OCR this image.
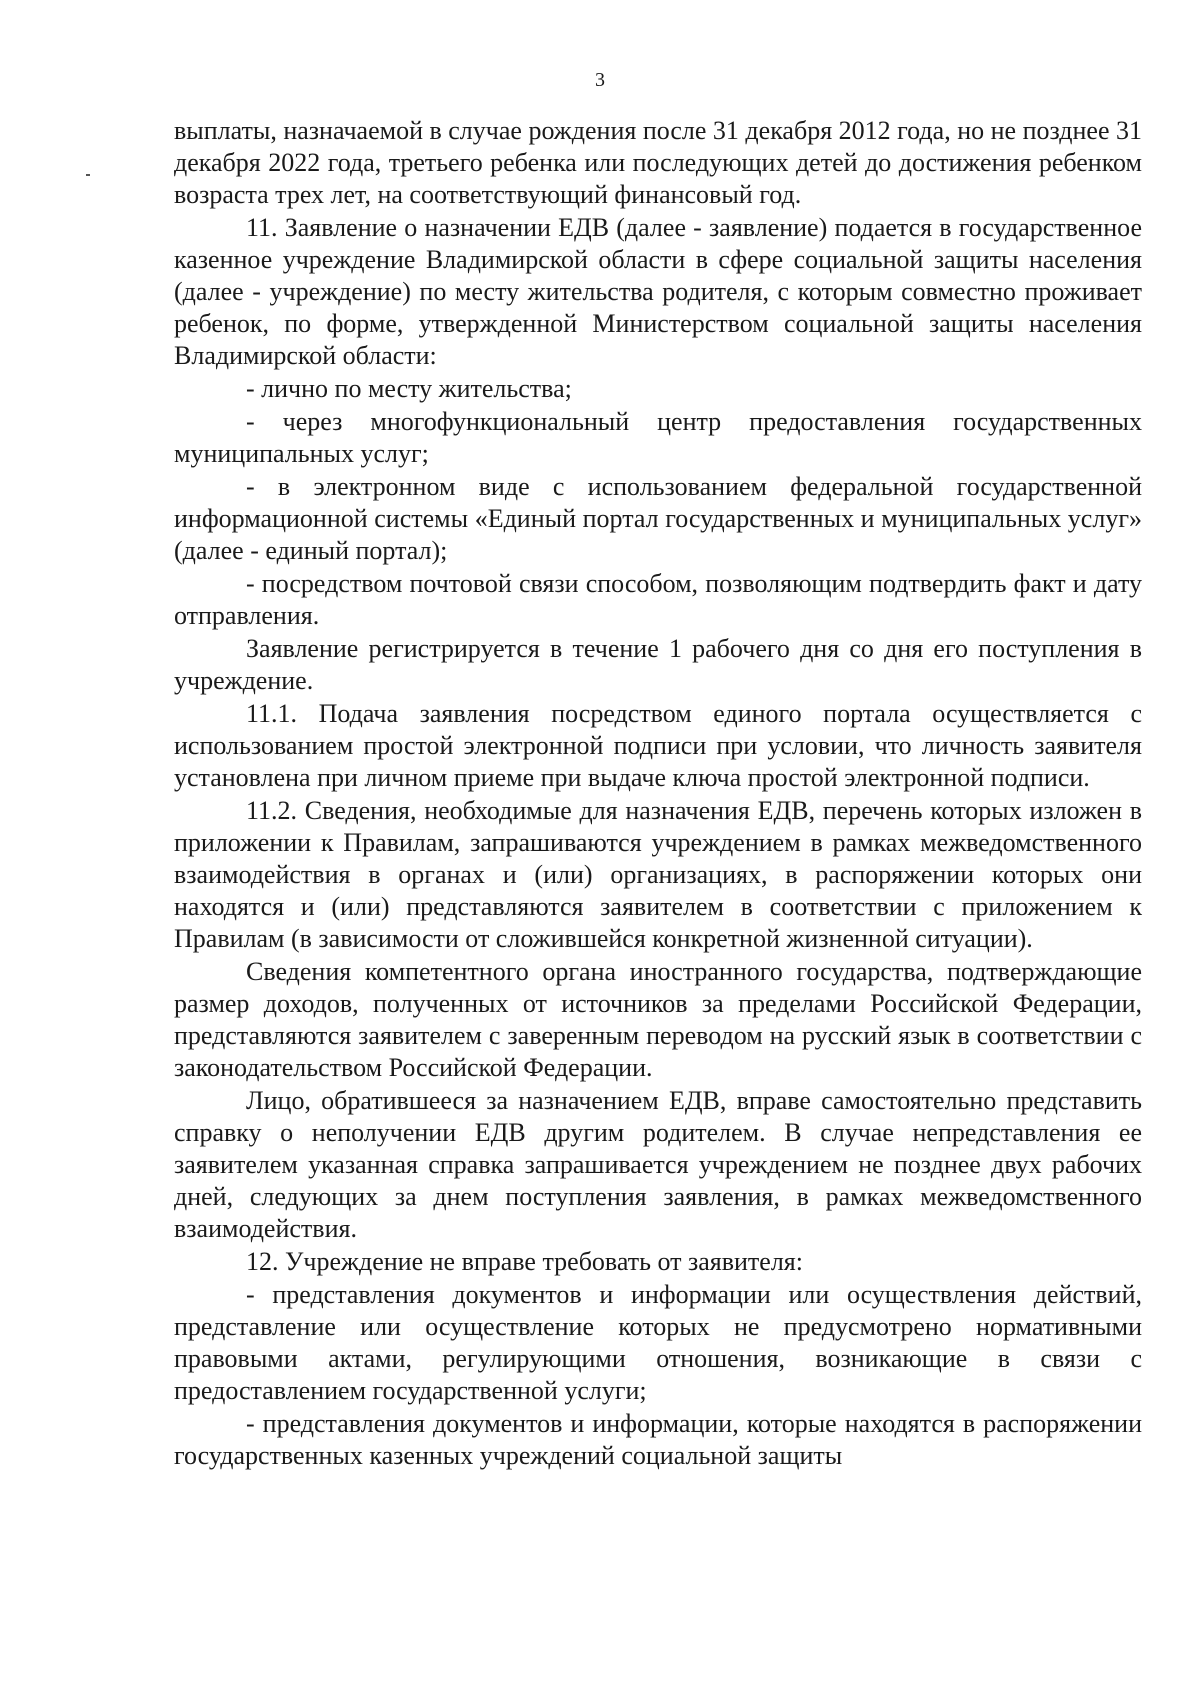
3

выплаты, назначаемой в случае рождения после 31 декабря 2012 года, но не позднее 31 декабря 2022 года, третьего ребенка или последующих детей до достижения ребенком возраста трех лет, на соответствующий финансовый год.

11. Заявление о назначении ЕДВ (далее - заявление) подается в государственное казенное учреждение Владимирской области в сфере социальной защиты населения (далее - учреждение) по месту жительства родителя, с которым совместно проживает ребенок, по форме, утвержденной Министерством социальной защиты населения Владимирской области:

- лично по месту жительства;

- через многофункциональный центр предоставления государственных муниципальных услуг;

- в электронном виде с использованием федеральной государственной информационной системы «Единый портал государственных и муниципальных услуг» (далее - единый портал);

- посредством почтовой связи способом, позволяющим подтвердить факт и дату отправления.

Заявление регистрируется в течение 1 рабочего дня со дня его поступления в учреждение.

11.1. Подача заявления посредством единого портала осуществляется с использованием простой электронной подписи при условии, что личность заявителя установлена при личном приеме при выдаче ключа простой электронной подписи.

11.2. Сведения, необходимые для назначения ЕДВ, перечень которых изложен в приложении к Правилам, запрашиваются учреждением в рамках межведомственного взаимодействия в органах и (или) организациях, в распоряжении которых они находятся и (или) представляются заявителем в соответствии с приложением к Правилам (в зависимости от сложившейся конкретной жизненной ситуации).

Сведения компетентного органа иностранного государства, подтверждающие размер доходов, полученных от источников за пределами Российской Федерации, представляются заявителем с заверенным переводом на русский язык в соответствии с законодательством Российской Федерации.

Лицо, обратившееся за назначением ЕДВ, вправе самостоятельно представить справку о неполучении ЕДВ другим родителем. В случае непредставления ее заявителем указанная справка запрашивается учреждением не позднее двух рабочих дней, следующих за днем поступления заявления, в рамках межведомственного взаимодействия.

12. Учреждение не вправе требовать от заявителя:

- представления документов и информации или осуществления действий, представление или осуществление которых не предусмотрено нормативными правовыми актами, регулирующими отношения, возникающие в связи с предоставлением государственной услуги;

- представления документов и информации, которые находятся в распоряжении государственных казенных учреждений социальной защиты
